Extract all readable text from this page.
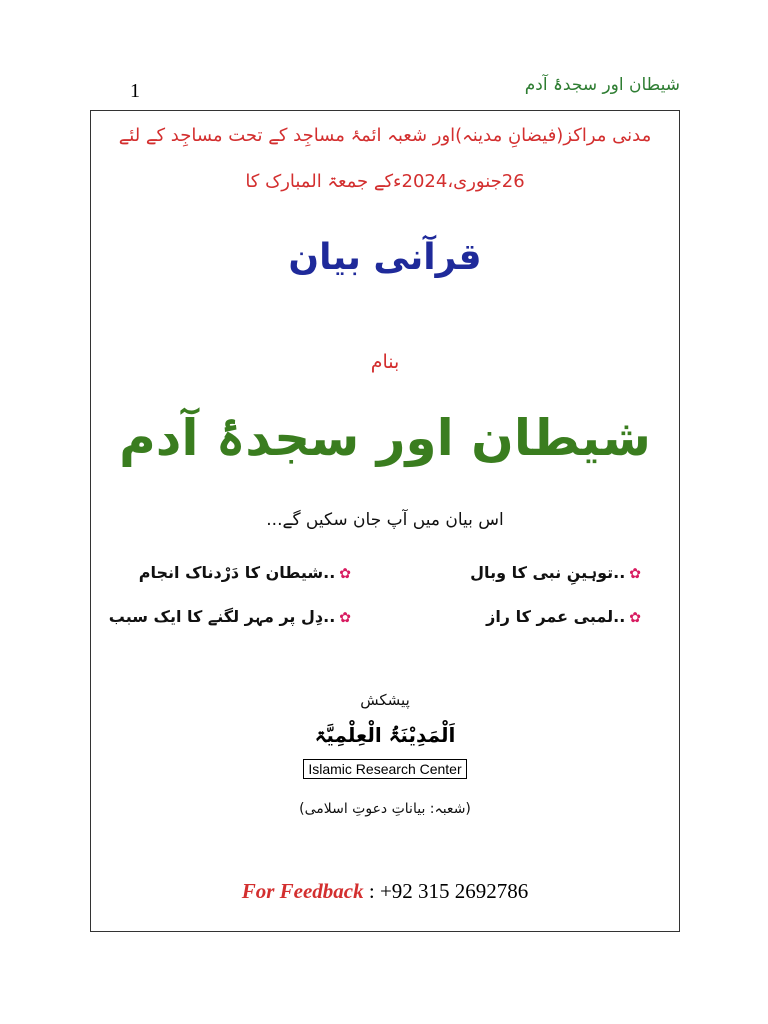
1	شیطان اور سجدۂ آدم
مدنی مراکز(فیضانِ مدینہ)اور شعبہ ائمۂ مساجِد کے تحت مساجِد کے لئے
26جنوری،2024ءکے جمعۃ المبارک کا
قرآنی بیان
بنام
شیطان اور سجدۂ آدم
اس بیان میں آپ جان سکیں گے...
✿..توہینِ نبی کا وبال
✿..شیطان کا دَرْدناک انجام
✿..لمبی عمر کا راز
✿..دِل پر مہر لگنے کا ایک سبب
پیشکش
اَلْمَدِیْنَۃُ الْعِلْمِیَّۃ
Islamic Research Center
(شعبہ: بیاناتِ دعوتِ اسلامی)
For Feedback : +92 315 2692786
